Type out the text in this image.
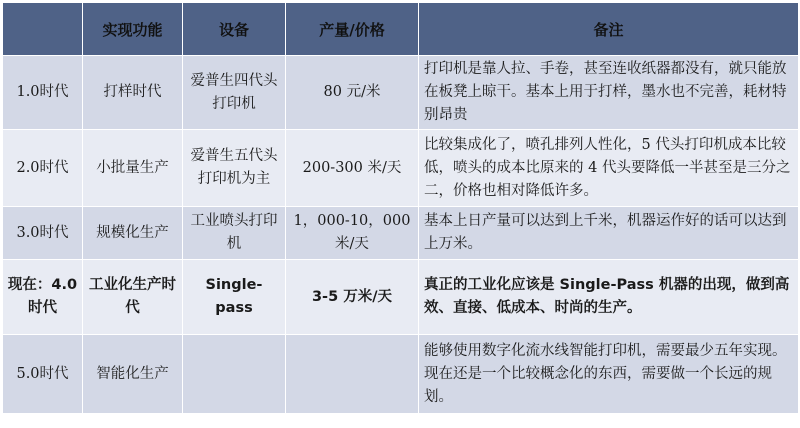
	实现功能	设备	产量/价格	备注
1.0时代	打样时代	爱普生四代头打印机	80 元/米	打印机是靠人拉、手卷，甚至连收纸器都没有，就只能放在板凳上晾干。基本上用于打样，墨水也不完善，耗材特别昂贵
2.0时代	小批量生产	爱普生五代头打印机为主	200-300 米/天	比较集成化了，喷孔排列人性化，5 代头打印机成本比较低，喷头的成本比原来的 4 代头要降低一半甚至是三分之二，价格也相对降低许多。
3.0时代	规模化生产	工业喷头打印机	1，000-10，000 米/天	基本上日产量可以达到上千米，机器运作好的话可以达到上万米。
现在：4.0时代	工业化生产时代	Single-pass	3-5 万米/天	真正的工业化应该是 Single-Pass 机器的出现，做到高效、直接、低成本、时尚的生产。
5.0时代	智能化生产			能够使用数字化流水线智能打印机，需要最少五年实现。现在还是一个比较概念化的东西，需要做一个长远的规划。
